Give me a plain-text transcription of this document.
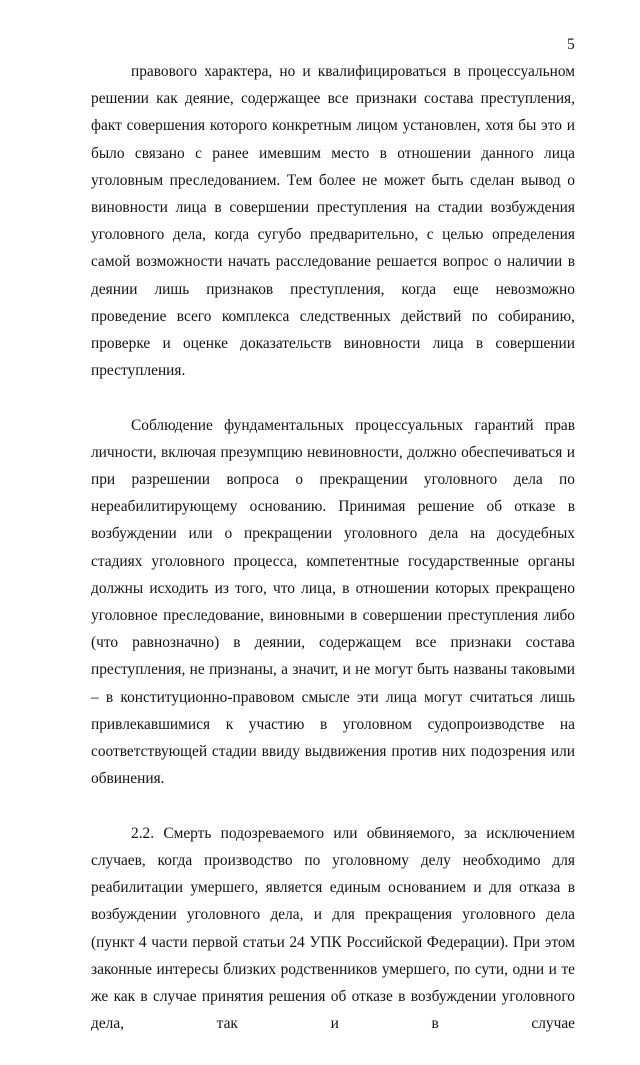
5

правового характера, но и квалифицироваться в процессуальном решении как деяние, содержащее все признаки состава преступления, факт совершения которого конкретным лицом установлен, хотя бы это и было связано с ранее имевшим место в отношении данного лица уголовным преследованием. Тем более не может быть сделан вывод о виновности лица в совершении преступления на стадии возбуждения уголовного дела, когда сугубо предварительно, с целью определения самой возможности начать расследование решается вопрос о наличии в деянии лишь признаков преступления, когда еще невозможно проведение всего комплекса следственных действий по собиранию, проверке и оценке доказательств виновности лица в совершении преступления.

Соблюдение фундаментальных процессуальных гарантий прав личности, включая презумпцию невиновности, должно обеспечиваться и при разрешении вопроса о прекращении уголовного дела по нереабилитирующему основанию. Принимая решение об отказе в возбуждении или о прекращении уголовного дела на досудебных стадиях уголовного процесса, компетентные государственные органы должны исходить из того, что лица, в отношении которых прекращено уголовное преследование, виновными в совершении преступления либо (что равнозначно) в деянии, содержащем все признаки состава преступления, не признаны, а значит, и не могут быть названы таковыми – в конституционно-правовом смысле эти лица могут считаться лишь привлекавшимися к участию в уголовном судопроизводстве на соответствующей стадии ввиду выдвижения против них подозрения или обвинения.

2.2. Смерть подозреваемого или обвиняемого, за исключением случаев, когда производство по уголовному делу необходимо для реабилитации умершего, является единым основанием и для отказа в возбуждении уголовного дела, и для прекращения уголовного дела (пункт 4 части первой статьи 24 УПК Российской Федерации). При этом законные интересы близких родственников умершего, по сути, одни и те же как в случае принятия решения об отказе в возбуждении уголовного дела, так и в случае
